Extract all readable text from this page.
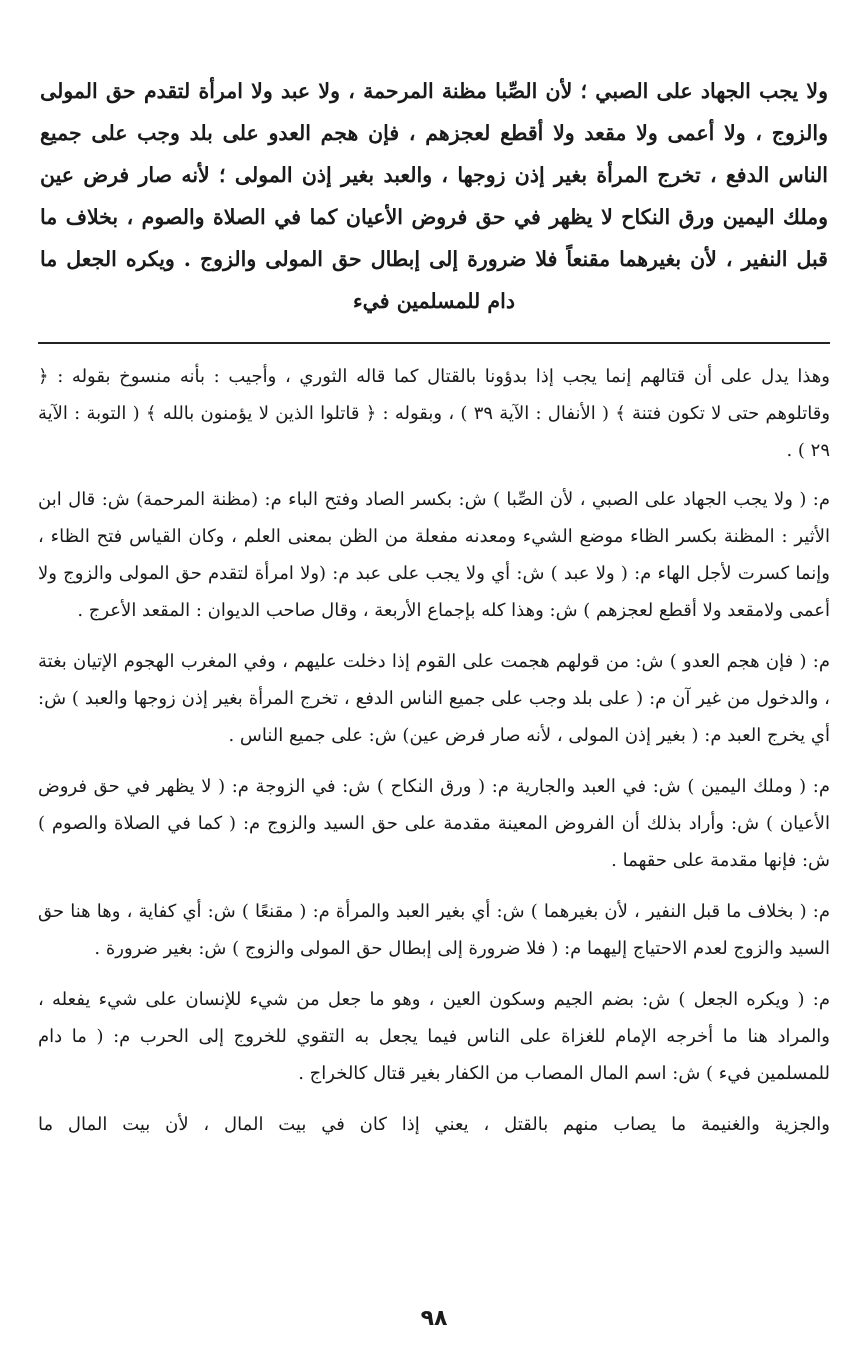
ولا يجب الجهاد على الصبي ؛ لأن الصِّبا مظنة المرحمة ، ولا عبد ولا امرأة لتقدم حق المولى والزوج ، ولا أعمى ولا مقعد ولا أقطع لعجزهم ، فإن هجم العدو على بلد وجب على جميع الناس الدفع ، تخرج المرأة بغير إذن زوجها ، والعبد بغير إذن المولى ؛ لأنه صار فرض عين وملك اليمين ورق النكاح لا يظهر في حق فروض الأعيان كما في الصلاة والصوم ، بخلاف ما قبل النفير ، لأن بغيرهما مقنعاً فلا ضرورة إلى إبطال حق المولى والزوج . ويكره الجعل ما دام للمسلمين فيء

وهذا يدل على أن قتالهم إنما يجب إذا بدؤونا بالقتال كما قاله الثوري ، وأجيب : بأنه منسوخ بقوله : ﴿ وقاتلوهم حتى لا تكون فتنة ﴾ ( الأنفال : الآية ٣٩ ) ، وبقوله : ﴿ قاتلوا الذين لا يؤمنون بالله ﴾ ( التوبة : الآية ٢٩ ) .

م: ( ولا يجب الجهاد على الصبي ، لأن الصِّبا ) ش: بكسر الصاد وفتح الباء م: (مظنة المرحمة) ش: قال ابن الأثير : المظنة بكسر الظاء موضع الشيء ومعدنه مفعلة من الظن بمعنى العلم ، وكان القياس فتح الظاء ، وإنما كسرت لأجل الهاء م: ( ولا عبد ) ش: أي ولا يجب على عبد م: (ولا امرأة لتقدم حق المولى والزوج ولا أعمى ولامقعد ولا أقطع لعجزهم ) ش: وهذا كله بإجماع الأربعة ، وقال صاحب الديوان : المقعد الأعرج .

م: ( فإن هجم العدو ) ش: من قولهم هجمت على القوم إذا دخلت عليهم ، وفي المغرب الهجوم الإتيان بغتة ، والدخول من غير آن م: ( على بلد وجب على جميع الناس الدفع ، تخرج المرأة بغير إذن زوجها والعبد ) ش: أي يخرج العبد م: ( بغير إذن المولى ، لأنه صار فرض عين) ش: على جميع الناس .

م: ( وملك اليمين ) ش: في العبد والجارية م: ( ورق النكاح ) ش: في الزوجة م: ( لا يظهر في حق فروض الأعيان ) ش: وأراد بذلك أن الفروض المعينة مقدمة على حق السيد والزوج م: ( كما في الصلاة والصوم ) ش: فإنها مقدمة على حقهما .

م: ( بخلاف ما قبل النفير ، لأن بغيرهما ) ش: أي بغير العبد والمرأة م: ( مقنعًا ) ش: أي كفاية ، وها هنا حق السيد والزوج لعدم الاحتياج إليهما م: ( فلا ضرورة إلى إبطال حق المولى والزوج ) ش: بغير ضرورة .

م: ( ويكره الجعل ) ش: بضم الجيم وسكون العين ، وهو ما جعل من شيء للإنسان على شيء يفعله ، والمراد هنا ما أخرجه الإمام للغزاة على الناس فيما يجعل به التقوي للخروج إلى الحرب م: ( ما دام للمسلمين فيء ) ش: اسم المال المصاب من الكفار بغير قتال كالخراج .

والجزية والغنيمة ما يصاب منهم بالقتل ، يعني إذا كان في بيت المال ، لأن بيت المال ما

٩٨
